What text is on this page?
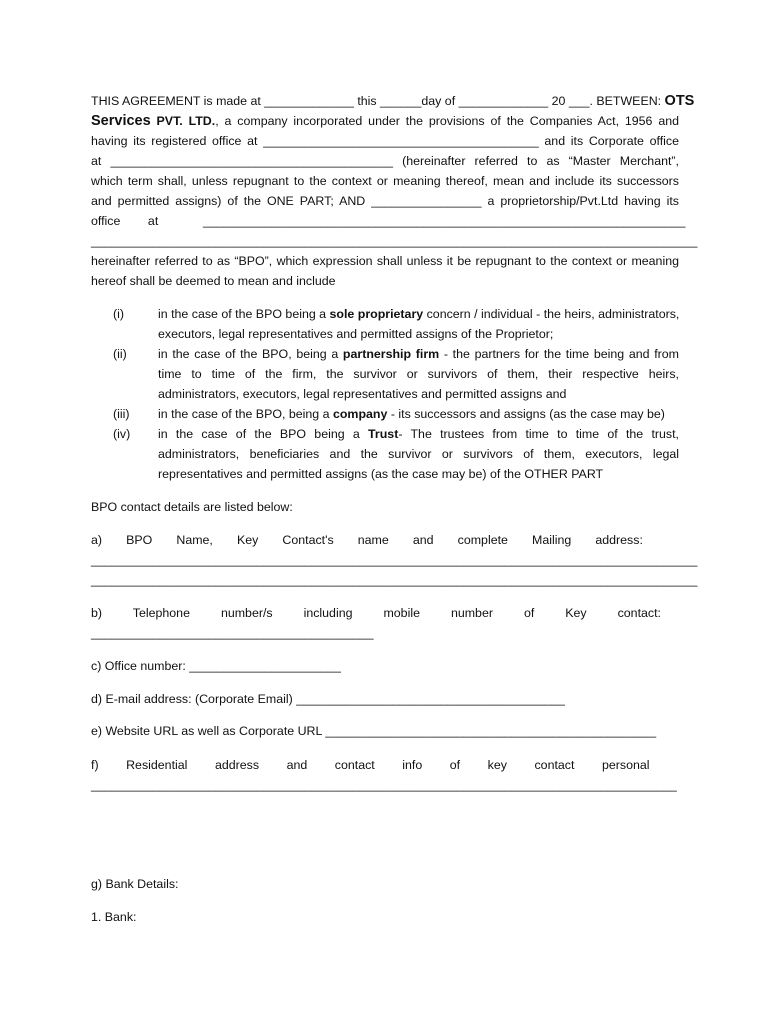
THIS AGREEMENT is made at _____________ this ______day of _____________ 20 ___. BETWEEN: OTS
Services PVT. LTD., a company incorporated under the provisions of the Companies Act, 1956 and
having its registered office at ________________________________________ and its Corporate office
at _________________________________________ (hereinafter referred to as “Master Merchant”,
which term shall, unless repugnant to the context or meaning thereof, mean and include its successors
and permitted assigns) of the ONE PART; AND ________________ a proprietorship/Pvt.Ltd having its
office        at	______________________________________________________________________
________________________________________________________________________________________
hereinafter referred to as “BPO”, which expression shall unless it be repugnant to the context or meaning
hereof shall be deemed to mean and include
(i)	in the case of the BPO being a sole proprietary concern / individual - the heirs, administrators,
executors, legal representatives and permitted assigns of the Proprietor;
(ii)	in the case of the BPO, being a partnership firm - the partners for the time being and from
time to time of the firm, the survivor or survivors of them, their respective heirs,
administrators, executors, legal representatives and permitted assigns and
(iii) in the case of the BPO, being a company - its successors and assigns (as the case may be)
(iv) in the case of the BPO being a Trust- The trustees from time to time of the trust,
administrators, beneficiaries and the survivor or survivors of them, executors, legal
representatives and permitted assigns (as the case may be) of the OTHER PART
BPO contact details are listed below:
a)       BPO       Name,       Key       Contact's       name       and       complete       Mailing       address:
________________________________________________________________________________________
________________________________________________________________________________________
b)         Telephone         number/s         including         mobile         number         of         Key         contact:
_________________________________________
c) Office number: ______________________
d) E-mail address: (Corporate Email) _______________________________________
e) Website URL as well as Corporate URL ________________________________________________
f)        Residential        address        and        contact        info        of        key        contact        personal
_____________________________________________________________________________________
g) Bank Details:
1. Bank:
